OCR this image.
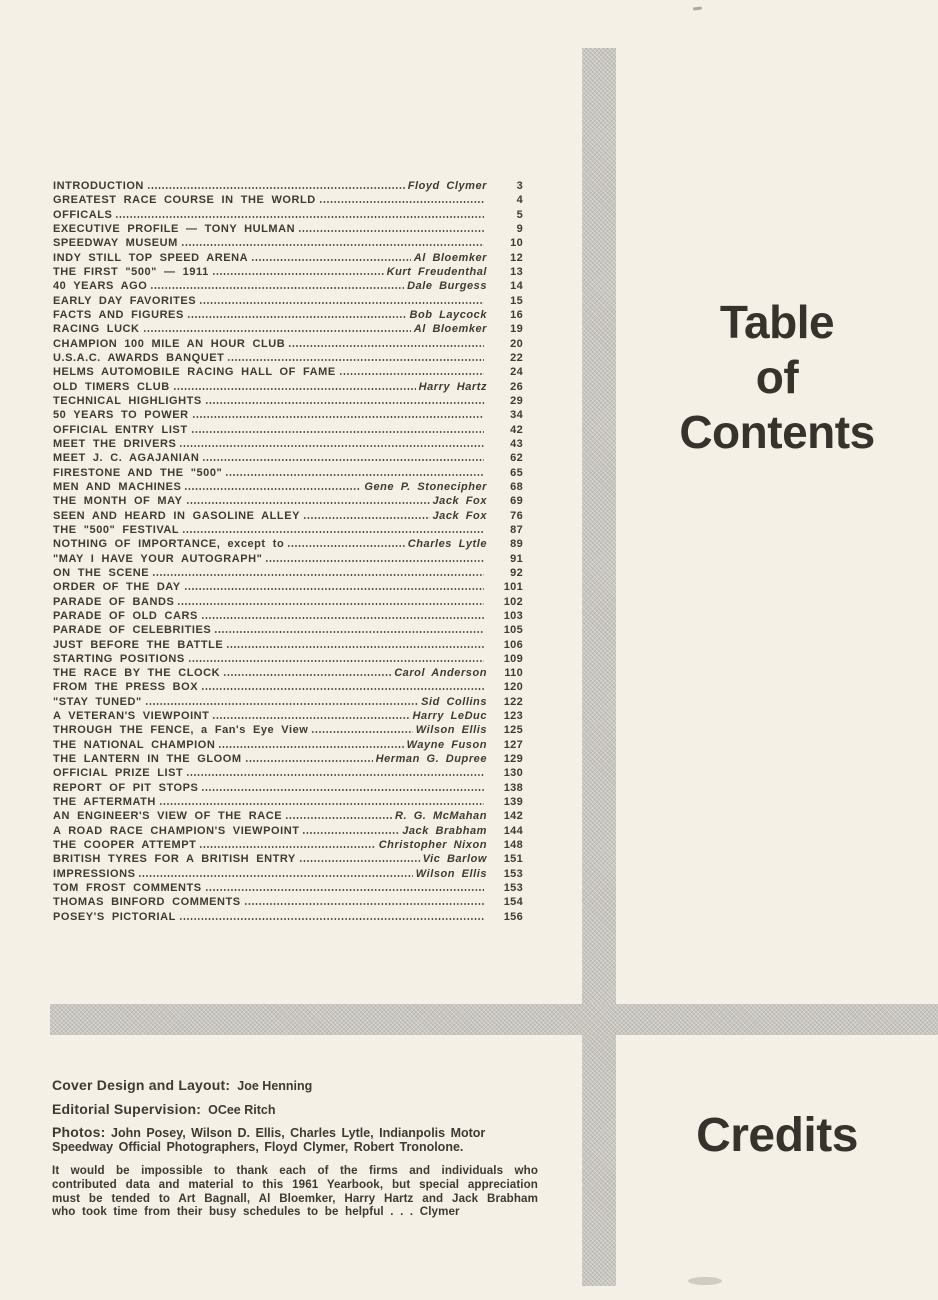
INTRODUCTION	Floyd Clymer	3
GREATEST RACE COURSE IN THE WORLD	4
OFFICALS	5
EXECUTIVE PROFILE — TONY HULMAN	9
SPEEDWAY MUSEUM	10
INDY STILL TOP SPEED ARENA	Al Bloemker	12
THE FIRST "500" — 1911	Kurt Freudenthal	13
40 YEARS AGO	Dale Burgess	14
EARLY DAY FAVORITES	15
FACTS AND FIGURES	Bob Laycock	16
RACING LUCK	Al Bloemker	19
CHAMPION 100 MILE AN HOUR CLUB	20
U.S.A.C. AWARDS BANQUET	22
HELMS AUTOMOBILE RACING HALL OF FAME	24
OLD TIMERS CLUB	Harry Hartz	26
TECHNICAL HIGHLIGHTS	29
50 YEARS TO POWER	34
OFFICIAL ENTRY LIST	42
MEET THE DRIVERS	43
MEET J. C. AGAJANIAN	62
FIRESTONE AND THE "500"	65
MEN AND MACHINES	Gene P. Stonecipher	68
THE MONTH OF MAY	Jack Fox	69
SEEN AND HEARD IN GASOLINE ALLEY	Jack Fox	76
THE "500" FESTIVAL	87
NOTHING OF IMPORTANCE, except to	Charles Lytle	89
"MAY I HAVE YOUR AUTOGRAPH"	91
ON THE SCENE	92
ORDER OF THE DAY	101
PARADE OF BANDS	102
PARADE OF OLD CARS	103
PARADE OF CELEBRITIES	105
JUST BEFORE THE BATTLE	106
STARTING POSITIONS	109
THE RACE BY THE CLOCK	Carol Anderson	110
FROM THE PRESS BOX	120
"STAY TUNED"	Sid Collins	122
A VETERAN'S VIEWPOINT	Harry LeDuc	123
THROUGH THE FENCE, a Fan's Eye View	Wilson Ellis	125
THE NATIONAL CHAMPION	Wayne Fuson	127
THE LANTERN IN THE GLOOM	Herman G. Dupree	129
OFFICIAL PRIZE LIST	130
REPORT OF PIT STOPS	138
THE AFTERMATH	139
AN ENGINEER'S VIEW OF THE RACE	R. G. McMahan	142
A ROAD RACE CHAMPION'S VIEWPOINT	Jack Brabham	144
THE COOPER ATTEMPT	Christopher Nixon	148
BRITISH TYRES FOR A BRITISH ENTRY	Vic Barlow	151
IMPRESSIONS	Wilson Ellis	153
TOM FROST COMMENTS	153
THOMAS BINFORD COMMENTS	154
POSEY'S PICTORIAL	156
Table
of
Contents

Cover Design and Layout: Joe Henning

Editorial Supervision: OCee Ritch

Photos: John Posey, Wilson D. Ellis, Charles Lytle, Indianpolis Motor Speedway Official Photographers, Floyd Clymer, Robert Tronolone.

It would be impossible to thank each of the firms and individuals who contributed data and material to this 1961 Yearbook, but special appreciation must be tended to Art Bagnall, Al Bloemker, Harry Hartz and Jack Brabham who took time from their busy schedules to be helpful . . . Clymer

Credits
